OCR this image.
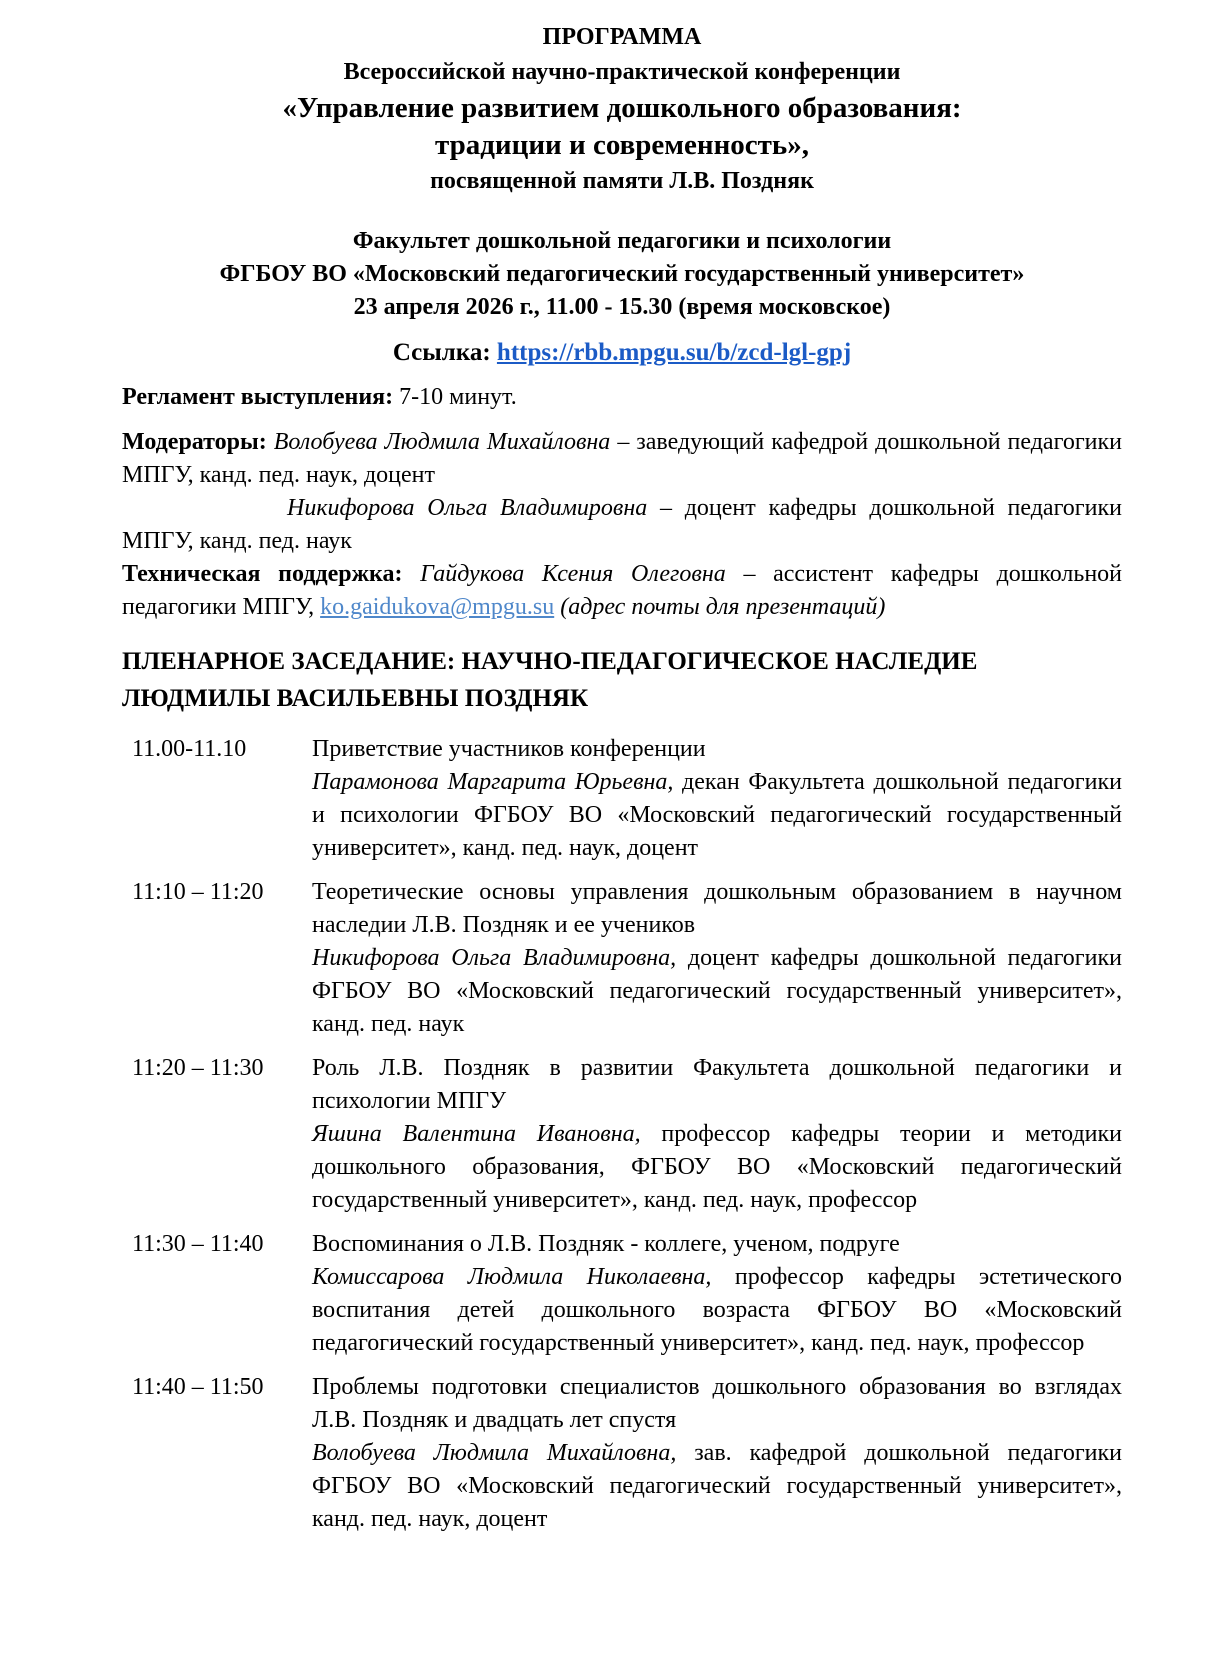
ПРОГРАММА
Всероссийской научно-практической конференции
«Управление развитием дошкольного образования:
традиции и современность»,
посвященной памяти Л.В. Поздняк
Факультет дошкольной педагогики и психологии
ФГБОУ ВО «Московский педагогический государственный университет»
23 апреля 2026 г., 11.00 - 15.30 (время московское)
Ссылка: https://rbb.mpgu.su/b/zcd-lgl-gpj
Регламент выступления: 7-10 минут.

Модераторы: Волобуева Людмила Михайловна – заведующий кафедрой дошкольной педагогики МПГУ, канд. пед. наук, доцент

Никифорова Ольга Владимировна – доцент кафедры дошкольной педагогики МПГУ, канд. пед. наук

Техническая поддержка: Гайдукова Ксения Олеговна – ассистент кафедры дошкольной педагогики МПГУ, ko.gaidukova@mpgu.su (адрес почты для презентаций)

ПЛЕНАРНОЕ ЗАСЕДАНИЕ: НАУЧНО-ПЕДАГОГИЧЕСКОЕ НАСЛЕДИЕ
ЛЮДМИЛЫ ВАСИЛЬЕВНЫ ПОЗДНЯК
11.00-11.10	Приветствие участников конференции
Парамонова Маргарита Юрьевна, декан Факультета дошкольной педагогики и психологии ФГБОУ ВО «Московский педагогический государственный университет», канд. пед. наук, доцент
11:10 – 11:20	Теоретические основы управления дошкольным образованием в научном наследии Л.В. Поздняк и ее учеников
Никифорова Ольга Владимировна, доцент кафедры дошкольной педагогики ФГБОУ ВО «Московский педагогический государственный университет», канд. пед. наук
11:20 – 11:30	Роль Л.В. Поздняк в развитии Факультета дошкольной педагогики и психологии МПГУ
Яшина Валентина Ивановна, профессор кафедры теории и методики дошкольного образования, ФГБОУ ВО «Московский педагогический государственный университет», канд. пед. наук, профессор
11:30 – 11:40	Воспоминания о Л.В. Поздняк - коллеге, ученом, подруге
Комиссарова Людмила Николаевна, профессор кафедры эстетического воспитания детей дошкольного возраста ФГБОУ ВО «Московский педагогический государственный университет», канд. пед. наук, профессор
11:40 – 11:50	Проблемы подготовки специалистов дошкольного образования во взглядах Л.В. Поздняк и двадцать лет спустя
Волобуева Людмила Михайловна, зав. кафедрой дошкольной педагогики ФГБОУ ВО «Московский педагогический государственный университет», канд. пед. наук, доцент
